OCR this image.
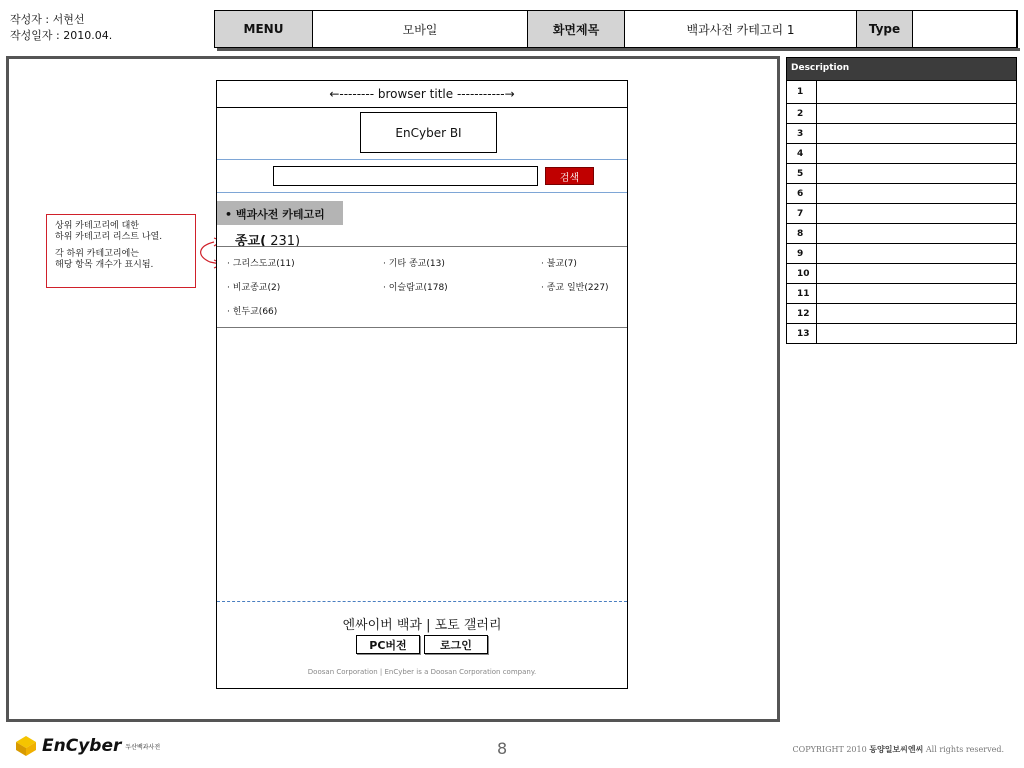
작성자 : 서현선
작성일자 : 2010.04.	MENU	모바일	화면제목	백과사전 카테고리 1	Type

상위 카테고리에 대한
하위 카테고리 리스트 나열.

각 하위 카테고리에는
해당 항목 개수가 표시됨.

←-------- browser title -----------→
EnCyber BI
검색
• 백과사전 카테고리
종교( 231)
· 그리스도교(11)	· 기타 종교(13)	· 불교(7)
· 비교종교(2)	· 이슬람교(178)	· 종교 일반(227)
· 힌두교(66)
엔싸이버 백과 | 포토 갤러리
PC버전	로그인
Doosan Corporation | EnCyber is a Doosan Corporation company.
Description
1
2
3
4
5
6
7
8
9
10
11
12
13
EnCyber 두산백과사전	8	COPYRIGHT 2010 동양일보씨엔씨 All rights reserved.
